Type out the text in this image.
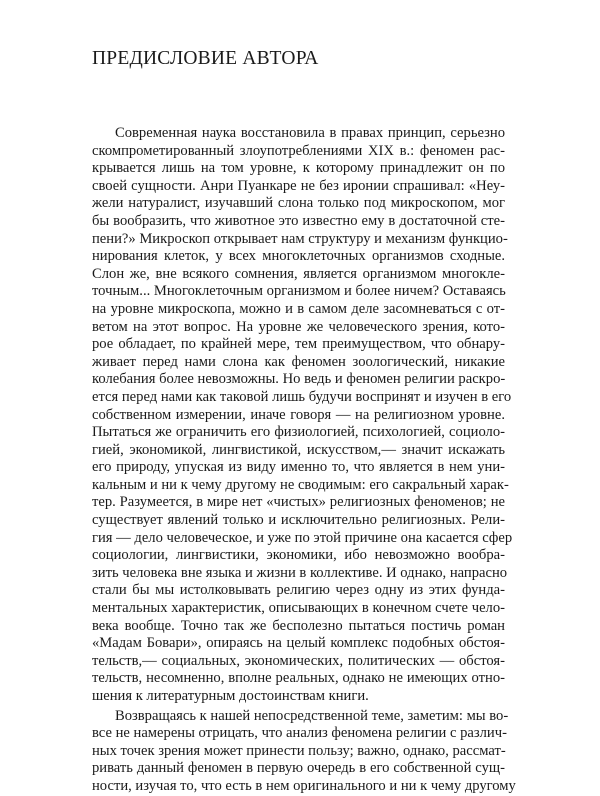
ПРЕДИСЛОВИЕ АВТОРА
Современная наука восстановила в правах принцип, серьезно
скомпрометированный злоупотреблениями XIX в.: феномен рас-
крывается лишь на том уровне, к которому принадлежит он по
своей сущности. Анри Пуанкаре не без иронии спрашивал: «Неу-
жели натуралист, изучавший слона только под микроскопом, мог
бы вообразить, что животное это известно ему в достаточной сте-
пени?» Микроскоп открывает нам структуру и механизм функцио-
нирования клеток, у всех многоклеточных организмов сходные.
Слон же, вне всякого сомнения, является организмом многокле-
точным... Многоклеточным организмом и более ничем? Оставаясь
на уровне микроскопа, можно и в самом деле засомневаться с от-
ветом на этот вопрос. На уровне же человеческого зрения, кото-
рое обладает, по крайней мере, тем преимуществом, что обнару-
живает перед нами слона как феномен зоологический, никакие
колебания более невозможны. Но ведь и феномен религии раскро-
ется перед нами как таковой лишь будучи воспринят и изучен в его
собственном измерении, иначе говоря — на религиозном уровне.
Пытаться же ограничить его физиологией, психологией, социоло-
гией, экономикой, лингвистикой, искусством,— значит искажать
его природу, упуская из виду именно то, что является в нем уни-
кальным и ни к чему другому не сводимым: его сакральный харак-
тер. Разумеется, в мире нет «чистых» религиозных феноменов; не
существует явлений только и исключительно религиозных. Рели-
гия — дело человеческое, и уже по этой причине она касается сфер
социологии, лингвистики, экономики, ибо невозможно вообра-
зить человека вне языка и жизни в коллективе. И однако, напрасно
стали бы мы истолковывать религию через одну из этих фунда-
ментальных характеристик, описывающих в конечном счете чело-
века вообще. Точно так же бесполезно пытаться постичь роман
«Мадам Бовари», опираясь на целый комплекс подобных обстоя-
тельств,— социальных, экономических, политических — обстоя-
тельств, несомненно, вполне реальных, однако не имеющих отно-
шения к литературным достоинствам книги.
Возвращаясь к нашей непосредственной теме, заметим: мы во-
все не намерены отрицать, что анализ феномена религии с различ-
ных точек зрения может принести пользу; важно, однако, рассмат-
ривать данный феномен в первую очередь в его собственной сущ-
ности, изучая то, что есть в нем оригинального и ни к чему другому
